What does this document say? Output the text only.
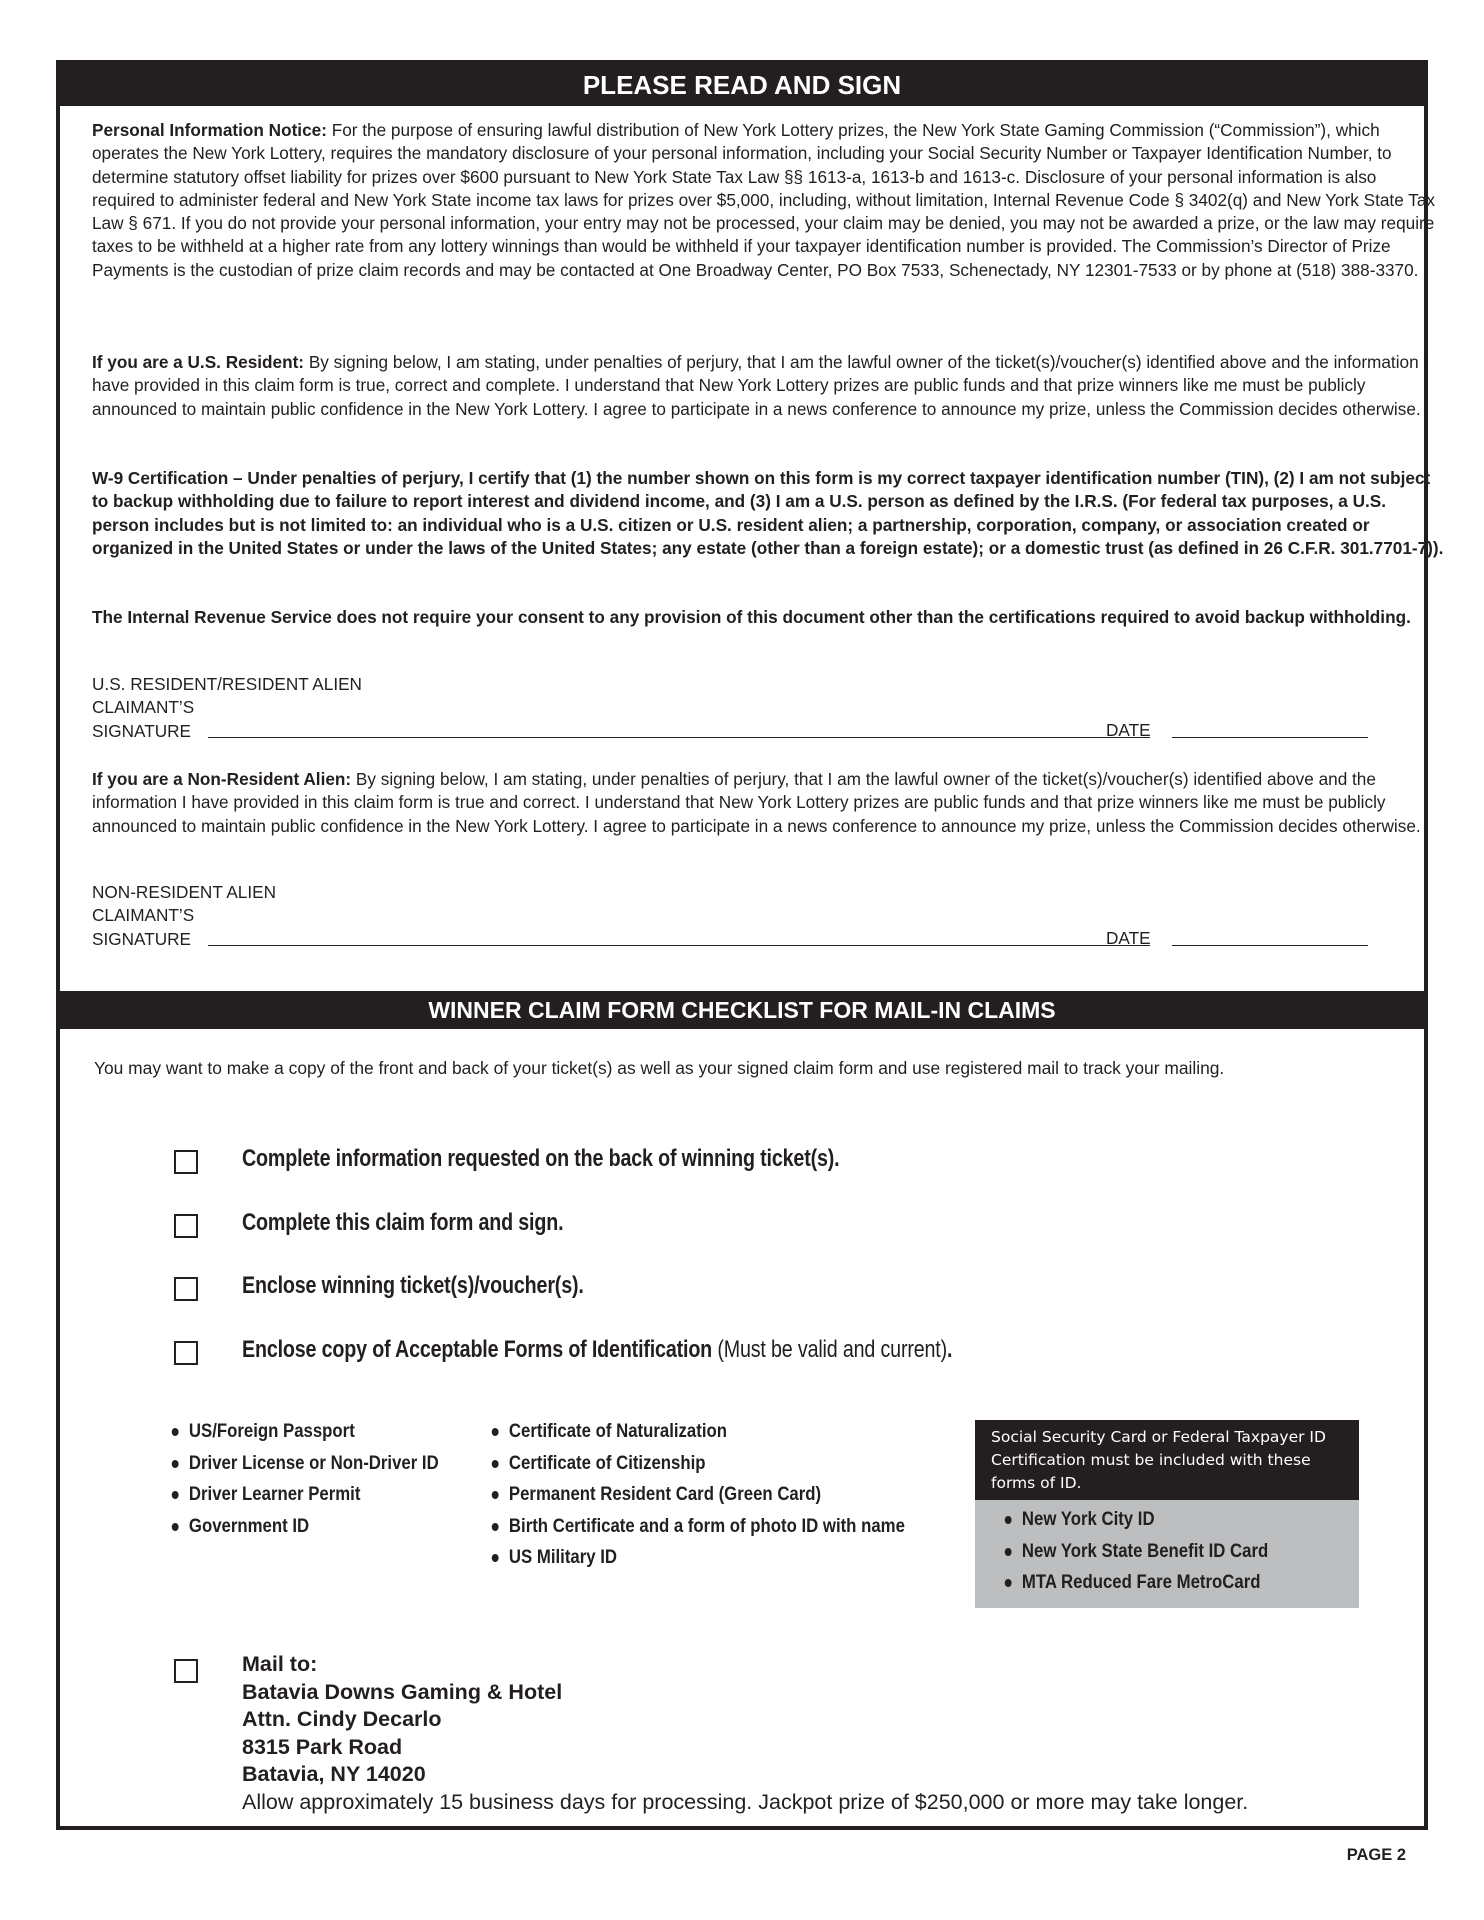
PLEASE READ AND SIGN

Personal Information Notice: For the purpose of ensuring lawful distribution of New York Lottery prizes, the New York State Gaming Commission (“Commission”), which operates the New York Lottery, requires the mandatory disclosure of your personal information, including your Social Security Number or Taxpayer Identification Number, to determine statutory offset liability for prizes over $600 pursuant to New York State Tax Law §§ 1613-a, 1613-b and 1613-c. Disclosure of your personal information is also required to administer federal and New York State income tax laws for prizes over $5,000, including, without limitation, Internal Revenue Code § 3402(q) and New York State Tax Law § 671. If you do not provide your personal information, your entry may not be processed, your claim may be denied, you may not be awarded a prize, or the law may require taxes to be withheld at a higher rate from any lottery winnings than would be withheld if your taxpayer identification number is provided. The Commission’s Director of Prize Payments is the custodian of prize claim records and may be contacted at One Broadway Center, PO Box 7533, Schenectady, NY 12301-7533 or by phone at (518) 388-3370.

If you are a U.S. Resident: By signing below, I am stating, under penalties of perjury, that I am the lawful owner of the ticket(s)/voucher(s) identified above and the information I have provided in this claim form is true, correct and complete. I understand that New York Lottery prizes are public funds and that prize winners like me must be publicly announced to maintain public confidence in the New York Lottery. I agree to participate in a news conference to announce my prize, unless the Commission decides otherwise.

W-9 Certification – Under penalties of perjury, I certify that (1) the number shown on this form is my correct taxpayer identification number (TIN), (2) I am not subject to backup withholding due to failure to report interest and dividend income, and (3) I am a U.S. person as defined by the I.R.S. (For federal tax purposes, a U.S. person includes but is not limited to: an individual who is a U.S. citizen or U.S. resident alien; a partnership, corporation, company, or association created or organized in the United States or under the laws of the United States; any estate (other than a foreign estate); or a domestic trust (as defined in 26 C.F.R. 301.7701-7)).

The Internal Revenue Service does not require your consent to any provision of this document other than the certifications required to avoid backup withholding.

U.S. RESIDENT/RESIDENT ALIEN
CLAIMANT’S
SIGNATURE	DATE

If you are a Non-Resident Alien: By signing below, I am stating, under penalties of perjury, that I am the lawful owner of the ticket(s)/voucher(s) identified above and the information I have provided in this claim form is true and correct. I understand that New York Lottery prizes are public funds and that prize winners like me must be publicly announced to maintain public confidence in the New York Lottery. I agree to participate in a news conference to announce my prize, unless the Commission decides otherwise.

NON-RESIDENT ALIEN
CLAIMANT’S
SIGNATURE	DATE
WINNER CLAIM FORM CHECKLIST FOR MAIL-IN CLAIMS

You may want to make a copy of the front and back of your ticket(s) as well as your signed claim form and use registered mail to track your mailing.

Complete information requested on the back of winning ticket(s).
Complete this claim form and sign.
Enclose winning ticket(s)/voucher(s).
Enclose copy of Acceptable Forms of Identification (Must be valid and current).
US/Foreign Passport
Driver License or Non-Driver ID
Driver Learner Permit
Government ID
Certificate of Naturalization
Certificate of Citizenship
Permanent Resident Card (Green Card)
Birth Certificate and a form of photo ID with name
US Military ID
Social Security Card or Federal Taxpayer ID Certification must be included with these forms of ID.
New York City ID
New York State Benefit ID Card
MTA Reduced Fare MetroCard
Mail to:
Batavia Downs Gaming & Hotel
Attn. Cindy Decarlo
8315 Park Road
Batavia, NY 14020
Allow approximately 15 business days for processing. Jackpot prize of $250,000 or more may take longer.
PAGE 2
